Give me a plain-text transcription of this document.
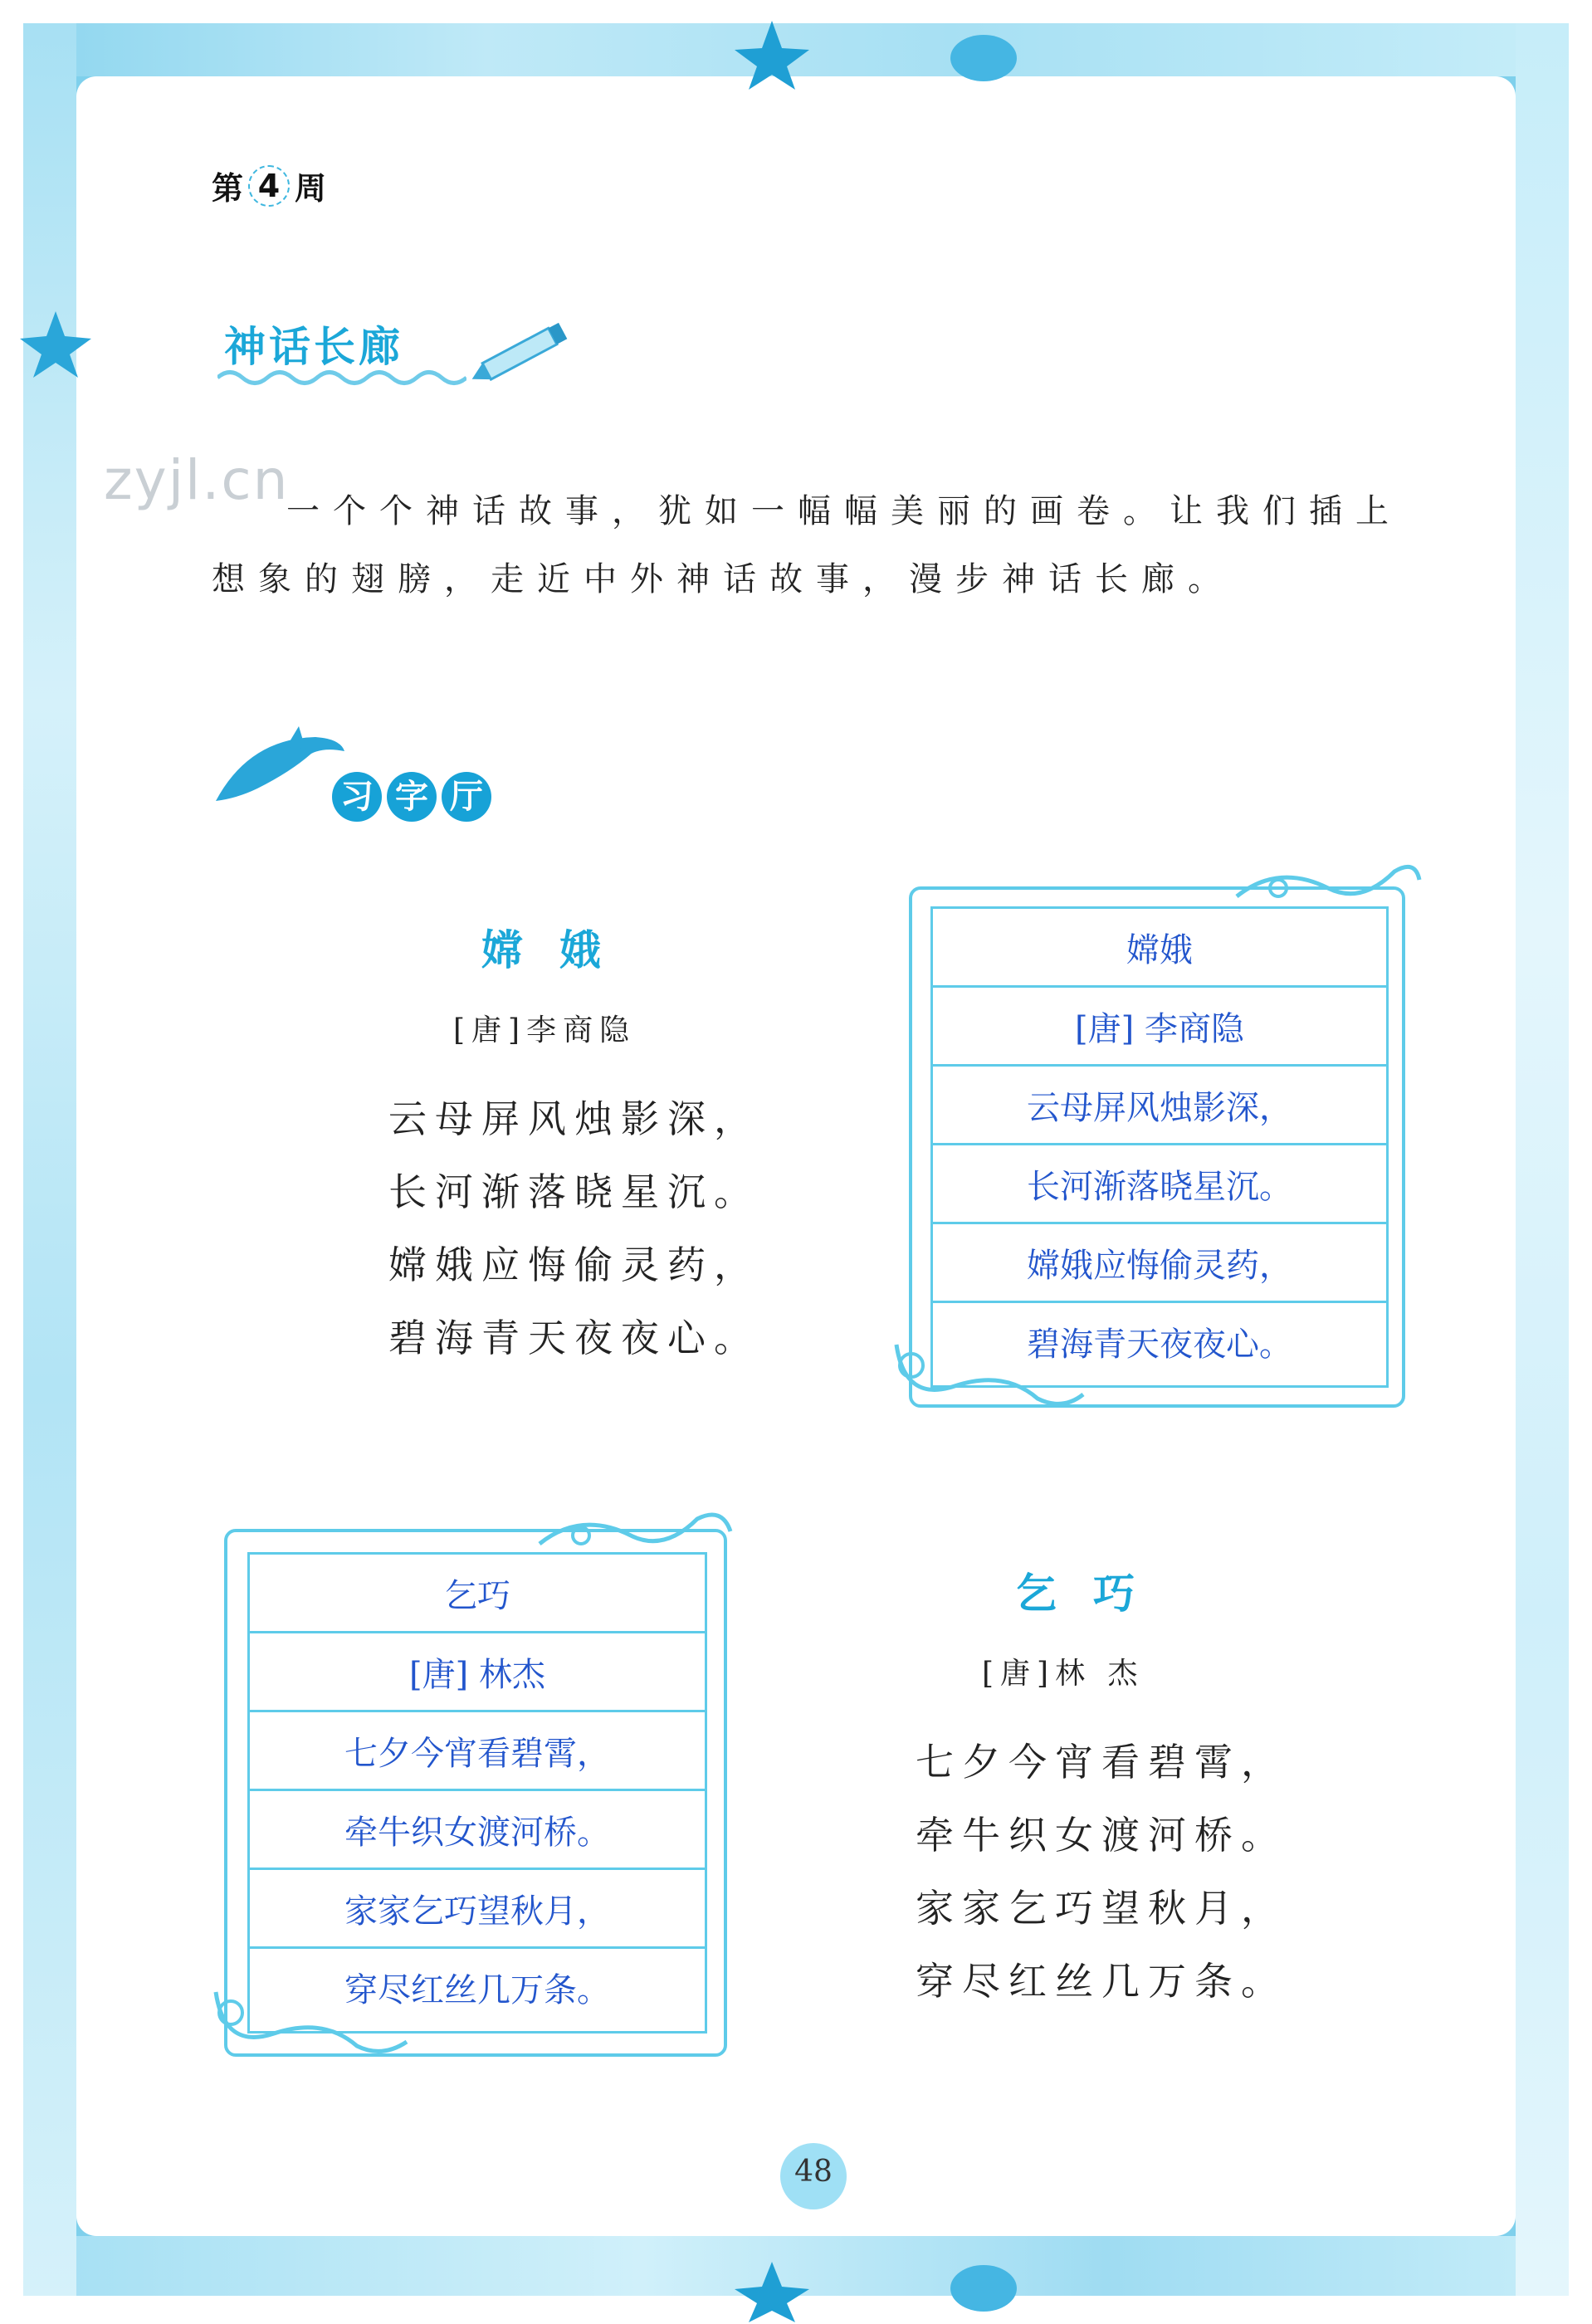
第 4 周
神话长廊
zyjl.cn

一个个神话故事，犹如一幅幅美丽的画卷。让我们插上想象的翅膀，走近中外神话故事，漫步神话长廊。

习 字 厅
嫦娥
[唐]李商隐
云母屏风烛影深，
长河渐落晓星沉。
嫦娥应悔偷灵药，
碧海青天夜夜心。
嫦娥
[唐] 李商隐
云母屏风烛影深，
长河渐落晓星沉。
嫦娥应悔偷灵药，
碧海青天夜夜心。
乞巧
[唐] 林杰
七夕今宵看碧霄，
牵牛织女渡河桥。
家家乞巧望秋月，
穿尽红丝几万条。
乞巧
[唐]林 杰
七夕今宵看碧霄，
牵牛织女渡河桥。
家家乞巧望秋月，
穿尽红丝几万条。
48
